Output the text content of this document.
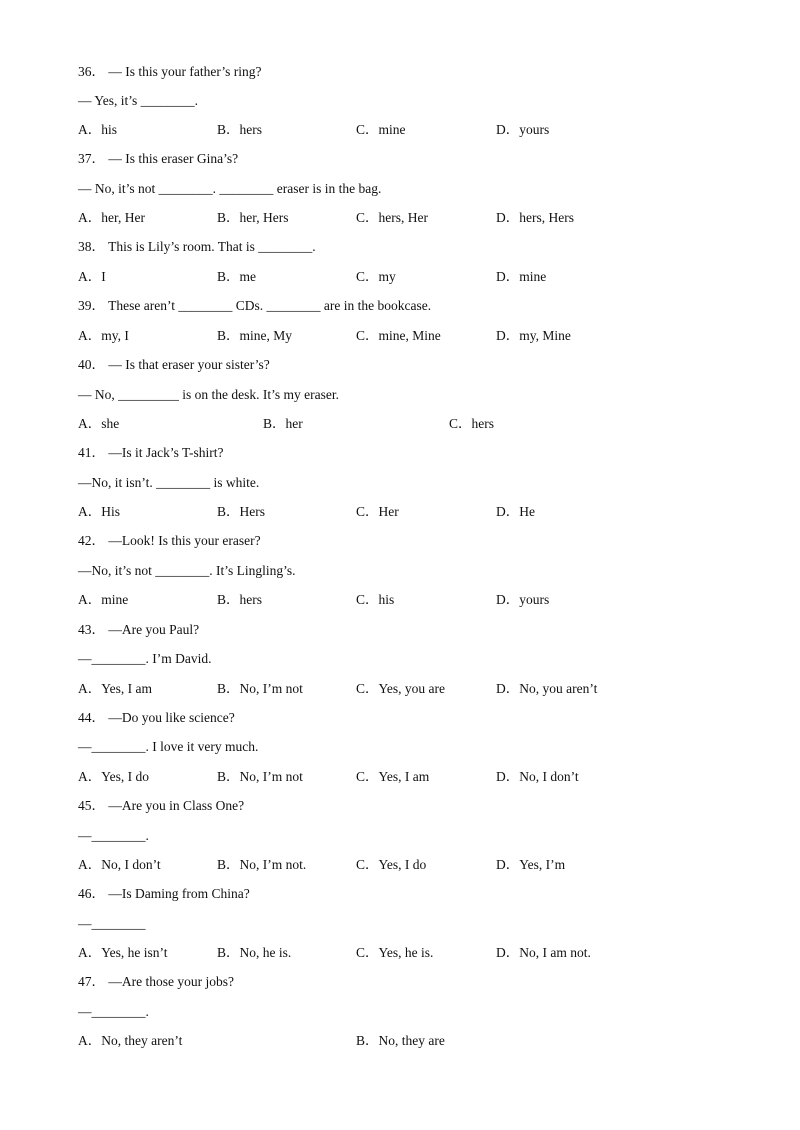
36． — Is this your father’s ring?
— Yes, it’s ________.
A．his	B．hers	C．mine	D．yours
37． — Is this eraser Gina’s?
— No, it’s not ________. ________ eraser is in the bag.
A．her, Her	B．her, Hers	C．hers, Her	D．hers, Hers
38． This is Lily’s room. That is ________.
A．I	B．me	C．my	D．mine
39． These aren’t ________ CDs. ________ are in the bookcase.
A．my, I	B．mine, My	C．mine, Mine	D．my, Mine
40． — Is that eraser your sister’s?
— No, _________ is on the desk. It’s my eraser.
A．she	B．her	C．hers
41． —Is it Jack’s T-shirt?
—No, it isn’t. ________ is white.
A．His	B．Hers	C．Her	D．He
42． —Look! Is this your eraser?
—No, it’s not ________. It’s Lingling’s.
A．mine	B．hers	C．his	D．yours
43． —Are you Paul?
—________. I’m David.
A．Yes, I am	B．No, I’m not	C．Yes, you are	D．No, you aren’t
44． —Do you like science?
—________. I love it very much.
A．Yes, I do	B．No, I’m not	C．Yes, I am	D．No, I don’t
45． —Are you in Class One?
—________.
A．No, I don’t	B．No, I’m not.	C．Yes, I do	D．Yes, I’m
46． —Is Daming from China?
—________
A．Yes, he isn’t	B．No, he is.	C．Yes, he is.	D．No, I am not.
47． —Are those your jobs?
—________.
A．No, they aren’t	B．No, they are
